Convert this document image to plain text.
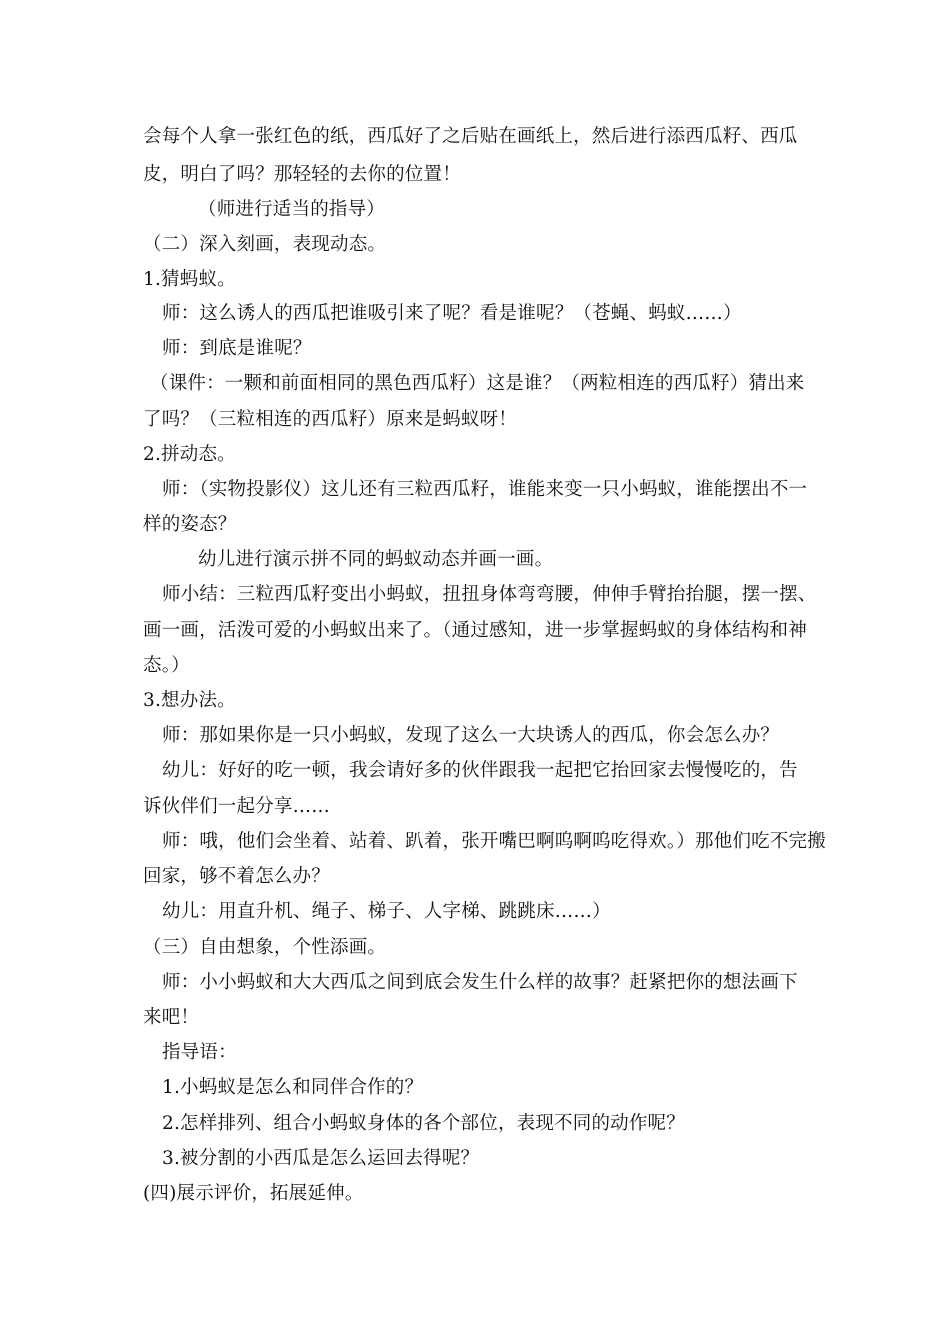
会每个人拿一张红色的纸，西瓜好了之后贴在画纸上，然后进行添西瓜籽、西瓜
皮，明白了吗？那轻轻的去你的位置！
（师进行适当的指导）
（二）深入刻画，表现动态。
1.猜蚂蚁。
师：这么诱人的西瓜把谁吸引来了呢？看是谁呢？（苍蝇、蚂蚁……）
师：到底是谁呢？
（课件：一颗和前面相同的黑色西瓜籽）这是谁？（两粒相连的西瓜籽）猜出来
了吗？（三粒相连的西瓜籽）原来是蚂蚁呀！
2.拼动态。
师：（实物投影仪）这儿还有三粒西瓜籽，谁能来变一只小蚂蚁，谁能摆出不一
样的姿态？
幼儿进行演示拼不同的蚂蚁动态并画一画。
师小结：三粒西瓜籽变出小蚂蚁，扭扭身体弯弯腰，伸伸手臂抬抬腿，摆一摆、
画一画，活泼可爱的小蚂蚁出来了。（通过感知，进一步掌握蚂蚁的身体结构和神
态。）
3.想办法。
师：那如果你是一只小蚂蚁，发现了这么一大块诱人的西瓜，你会怎么办？
幼儿：好好的吃一顿，我会请好多的伙伴跟我一起把它抬回家去慢慢吃的，告
诉伙伴们一起分享……
师：哦，他们会坐着、站着、趴着，张开嘴巴啊呜啊呜吃得欢。）那他们吃不完搬
回家，够不着怎么办？
幼儿：用直升机、绳子、梯子、人字梯、跳跳床……）
（三）自由想象，个性添画。
师：小小蚂蚁和大大西瓜之间到底会发生什么样的故事？赶紧把你的想法画下
来吧！
指导语：
1.小蚂蚁是怎么和同伴合作的？
2.怎样排列、组合小蚂蚁身体的各个部位，表现不同的动作呢？
3.被分割的小西瓜是怎么运回去得呢？
(四)展示评价，拓展延伸。
